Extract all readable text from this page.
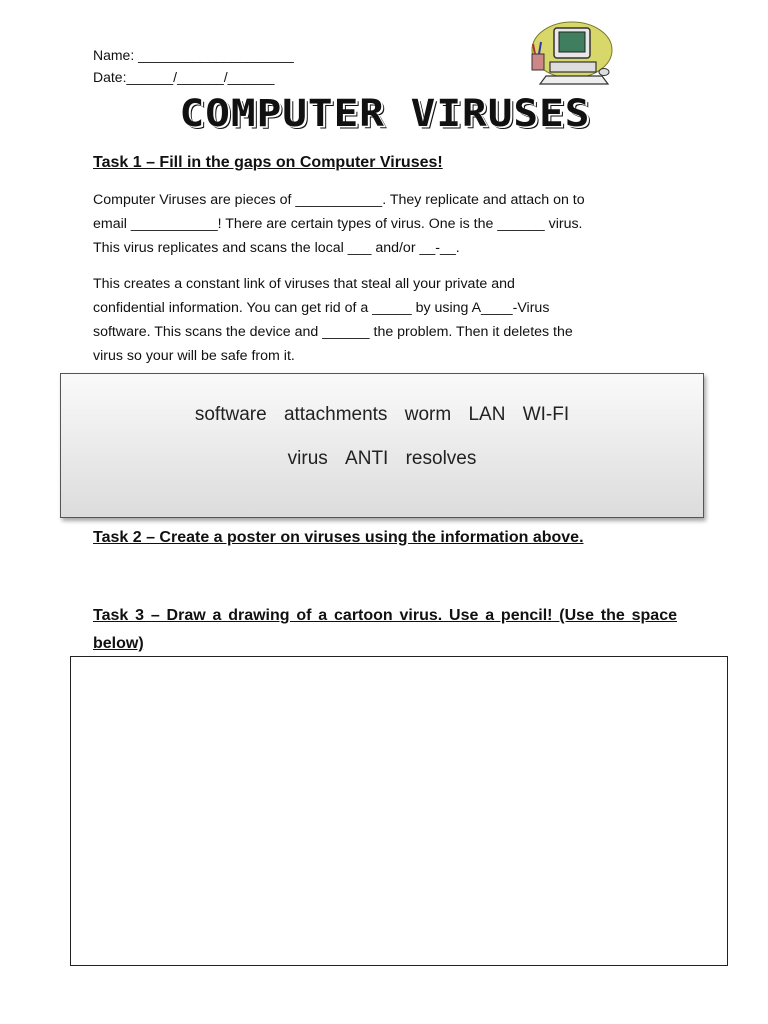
Name: ____________________
Date:______/______/______
COMPUTER VIRUSES
Task 1 – Fill in the gaps on Computer Viruses!
Computer Viruses are pieces of ___________. They replicate and attach on to
email ___________! There are certain types of virus. One is the ______ virus.
This virus replicates and scans the local ___ and/or __-__.
This creates a constant link of viruses that steal all your private and
confidential information. You can get rid of a _____ by using A____-Virus
software. This scans the device and ______ the problem. Then it deletes the
virus so your will be safe from it.
software attachments worm LAN WI-FI
virus ANTI resolves
Task 2 – Create a poster on viruses using the information above.
Task 3 – Draw a drawing of a cartoon virus. Use a pencil! (Use the space below)
